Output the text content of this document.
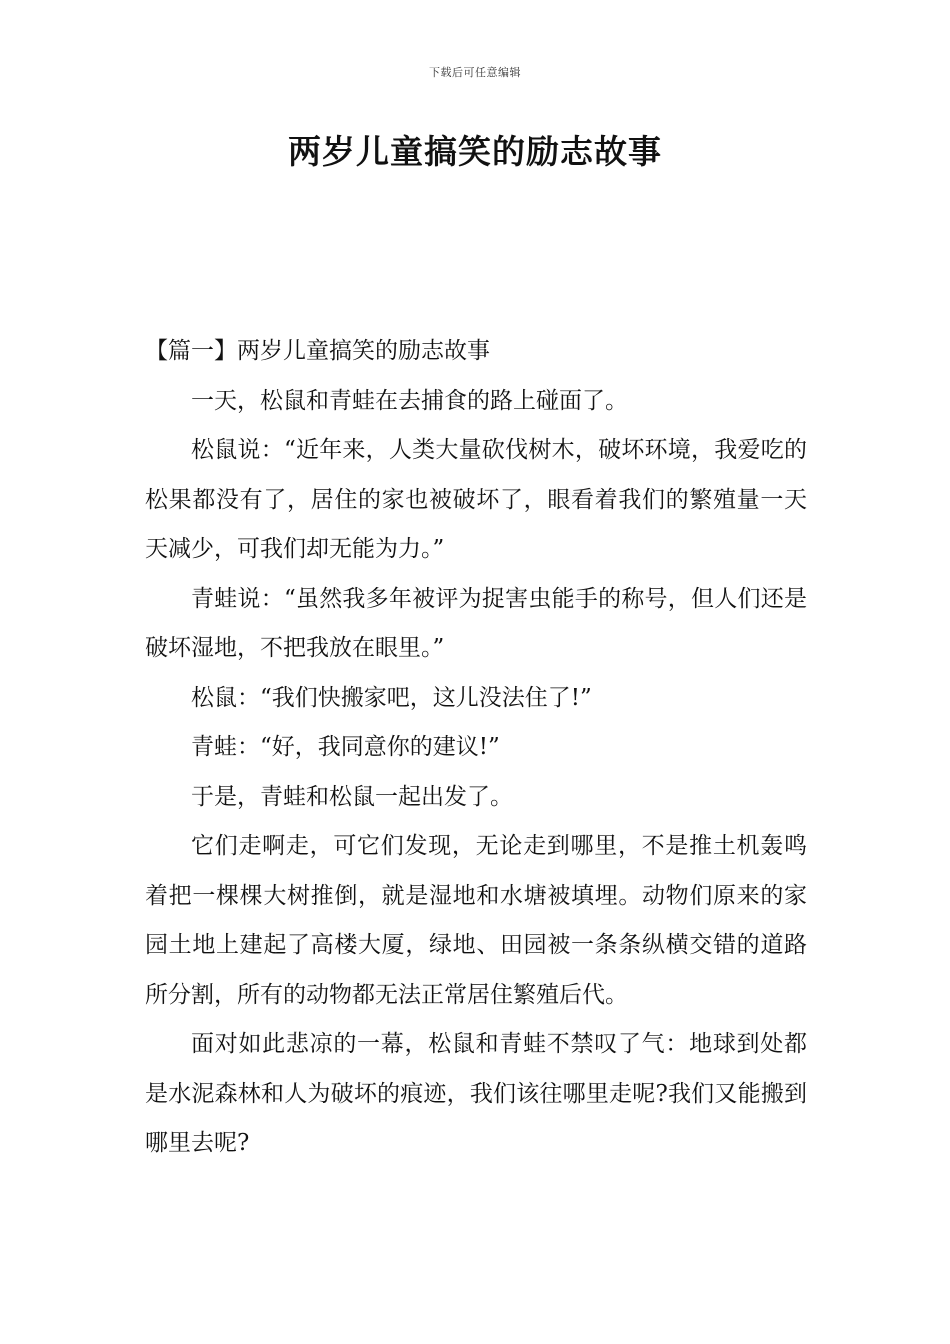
下载后可任意编辑
两岁儿童搞笑的励志故事

【篇一】两岁儿童搞笑的励志故事

一天，松鼠和青蛙在去捕食的路上碰面了。

松鼠说：“近年来，人类大量砍伐树木，破坏环境，我爱吃的松果都没有了，居住的家也被破坏了，眼看着我们的繁殖量一天天减少，可我们却无能为力。”

青蛙说：“虽然我多年被评为捉害虫能手的称号，但人们还是破坏湿地，不把我放在眼里。”

松鼠：“我们快搬家吧，这儿没法住了!”

青蛙：“好，我同意你的建议!”

于是，青蛙和松鼠一起出发了。

它们走啊走，可它们发现，无论走到哪里，不是推土机轰鸣着把一棵棵大树推倒，就是湿地和水塘被填埋。动物们原来的家园土地上建起了高楼大厦，绿地、田园被一条条纵横交错的道路所分割，所有的动物都无法正常居住繁殖后代。

面对如此悲凉的一幕，松鼠和青蛙不禁叹了气：地球到处都是水泥森林和人为破坏的痕迹，我们该往哪里走呢?我们又能搬到哪里去呢?
